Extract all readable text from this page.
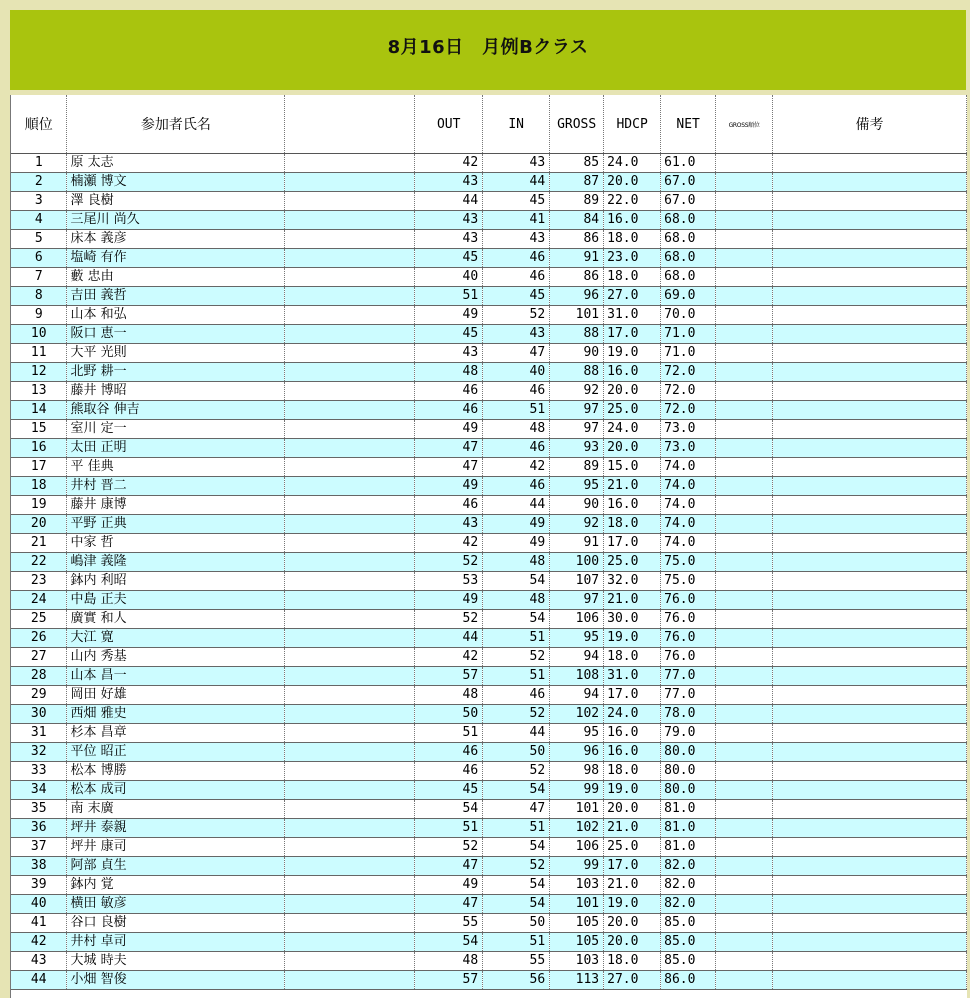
8月16日　月例Bクラス
順位	参加者氏名		OUT	IN	GROSS	HDCP	NET	GROSS順位	備考
1	原 太志		42	43	85	24.0	61.0		
2	楠瀬 博文		43	44	87	20.0	67.0		
3	澤 良樹		44	45	89	22.0	67.0		
4	三尾川 尚久		43	41	84	16.0	68.0		
5	床本 義彦		43	43	86	18.0	68.0		
6	塩崎 有作		45	46	91	23.0	68.0		
7	藪 忠由		40	46	86	18.0	68.0		
8	吉田 義哲		51	45	96	27.0	69.0		
9	山本 和弘		49	52	101	31.0	70.0		
10	阪口 恵一		45	43	88	17.0	71.0		
11	大平 光則		43	47	90	19.0	71.0		
12	北野 耕一		48	40	88	16.0	72.0		
13	藤井 博昭		46	46	92	20.0	72.0		
14	熊取谷 伸吉		46	51	97	25.0	72.0		
15	室川 定一		49	48	97	24.0	73.0		
16	太田 正明		47	46	93	20.0	73.0		
17	平 佳典		47	42	89	15.0	74.0		
18	井村 晋二		49	46	95	21.0	74.0		
19	藤井 康博		46	44	90	16.0	74.0		
20	平野 正典		43	49	92	18.0	74.0		
21	中家 哲		42	49	91	17.0	74.0		
22	嶋津 義隆		52	48	100	25.0	75.0		
23	鉢内 利昭		53	54	107	32.0	75.0		
24	中島 正夫		49	48	97	21.0	76.0		
25	廣實 和人		52	54	106	30.0	76.0		
26	大江 寛		44	51	95	19.0	76.0		
27	山内 秀基		42	52	94	18.0	76.0		
28	山本 昌一		57	51	108	31.0	77.0		
29	岡田 好雄		48	46	94	17.0	77.0		
30	西畑 雅史		50	52	102	24.0	78.0		
31	杉本 昌章		51	44	95	16.0	79.0		
32	平位 昭正		46	50	96	16.0	80.0		
33	松本 博勝		46	52	98	18.0	80.0		
34	松本 成司		45	54	99	19.0	80.0		
35	南 末廣		54	47	101	20.0	81.0		
36	坪井 泰親		51	51	102	21.0	81.0		
37	坪井 康司		52	54	106	25.0	81.0		
38	阿部 貞生		47	52	99	17.0	82.0		
39	鉢内 覚		49	54	103	21.0	82.0		
40	横田 敏彦		47	54	101	19.0	82.0		
41	谷口 良樹		55	50	105	20.0	85.0		
42	井村 卓司		54	51	105	20.0	85.0		
43	大城 時夫		48	55	103	18.0	85.0		
44	小畑 智俊		57	56	113	27.0	86.0		
